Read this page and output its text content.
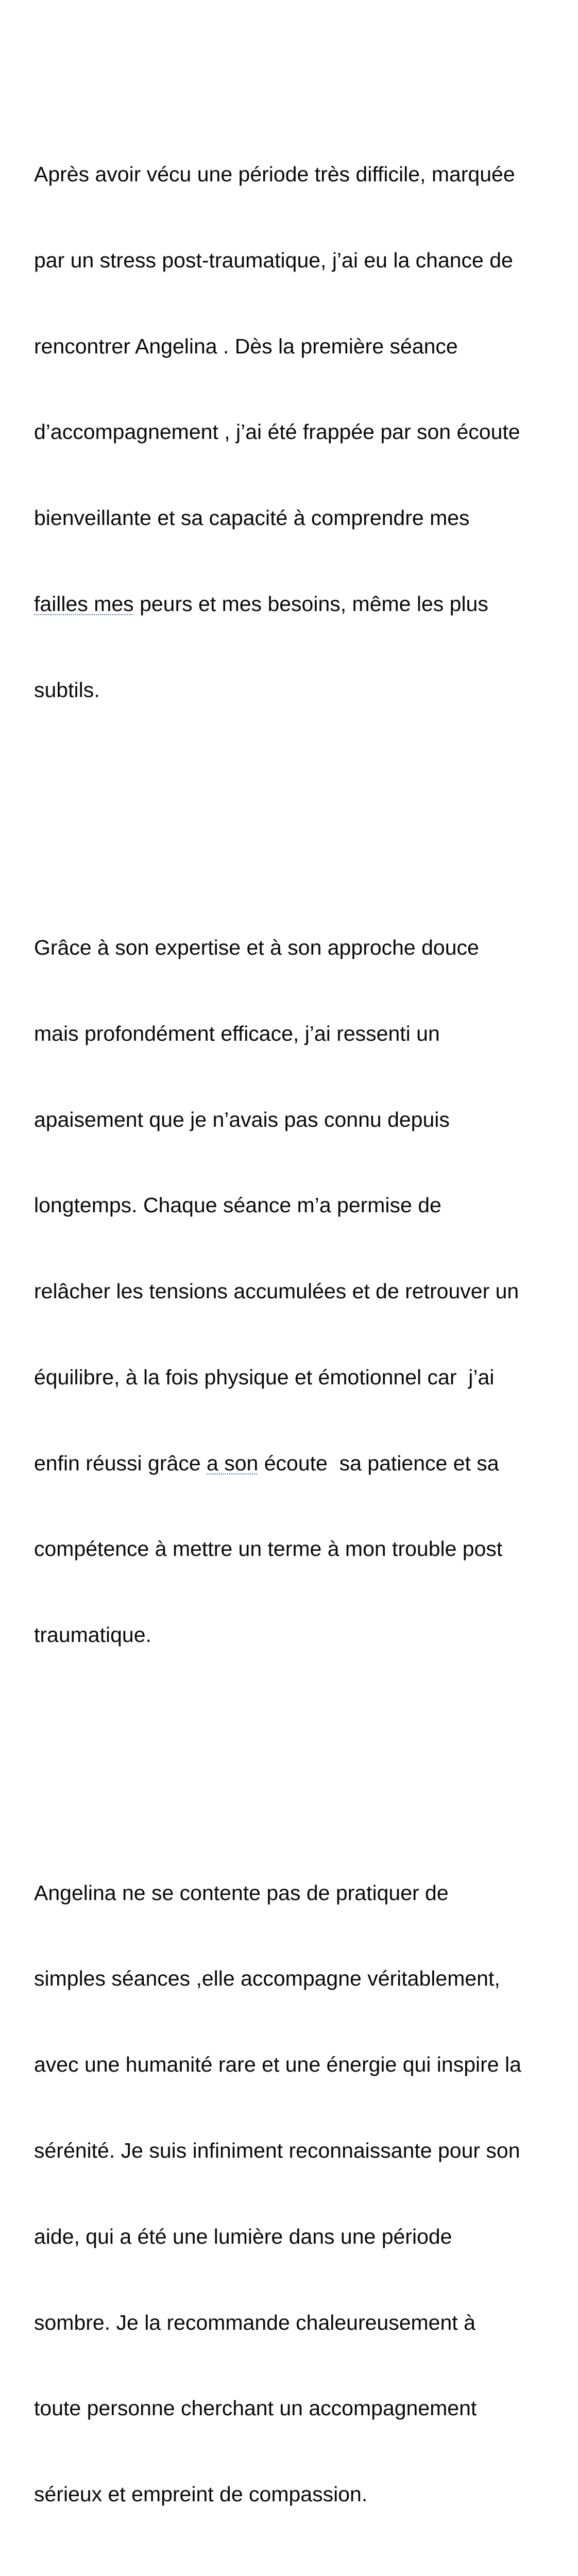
Après avoir vécu une période très difficile, marquée

par un stress post-traumatique, j’ai eu la chance de

rencontrer Angelina . Dès la première séance

d’accompagnement , j’ai été frappée par son écoute

bienveillante et sa capacité à comprendre mes

failles mes peurs et mes besoins, même les plus

subtils.

Grâce à son expertise et à son approche douce

mais profondément efficace, j’ai ressenti un

apaisement que je n’avais pas connu depuis

longtemps. Chaque séance m’a permise de

relâcher les tensions accumulées et de retrouver un

équilibre, à la fois physique et émotionnel car  j’ai

enfin réussi grâce a son écoute  sa patience et sa

compétence à mettre un terme à mon trouble post

traumatique.

Angelina ne se contente pas de pratiquer de

simples séances ,elle accompagne véritablement,

avec une humanité rare et une énergie qui inspire la

sérénité. Je suis infiniment reconnaissante pour son

aide, qui a été une lumière dans une période

sombre. Je la recommande chaleureusement à

toute personne cherchant un accompagnement

sérieux et empreint de compassion.
